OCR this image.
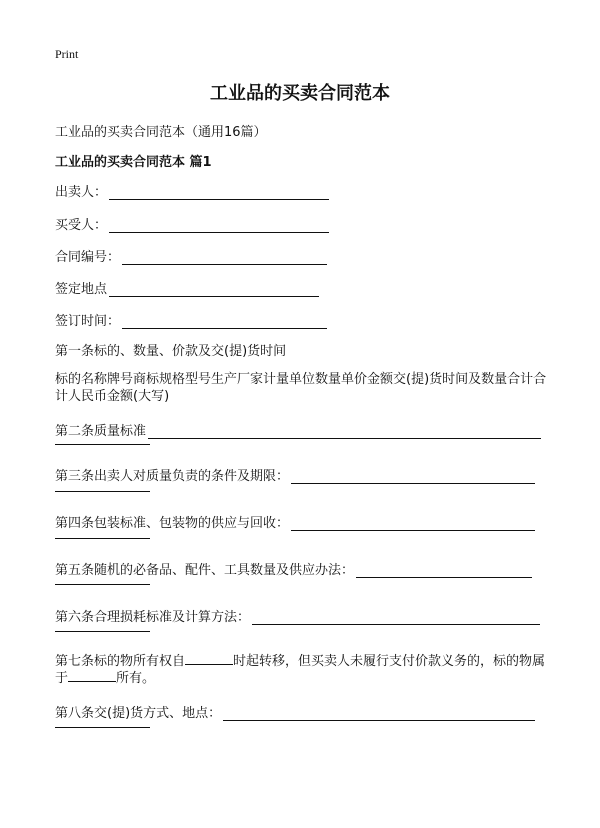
Print
工业品的买卖合同范本
工业品的买卖合同范本（通用16篇）
工业品的买卖合同范本 篇1
出卖人：
买受人：
合同编号：
签定地点
签订时间：
第一条标的、数量、价款及交(提)货时间
标的名称牌号商标规格型号生产厂家计量单位数量单价金额交(提)货时间及数量合计合计人民币金额(大写)
第二条质量标准
第三条出卖人对质量负责的条件及期限：
第四条包装标准、包装物的供应与回收：
第五条随机的必备品、配件、工具数量及供应办法：
第六条合理损耗标准及计算方法：
第七条标的物所有权自	时起转移，但买卖人未履行支付价款义务的，标的物属于	所有。
第八条交(提)货方式、地点：
